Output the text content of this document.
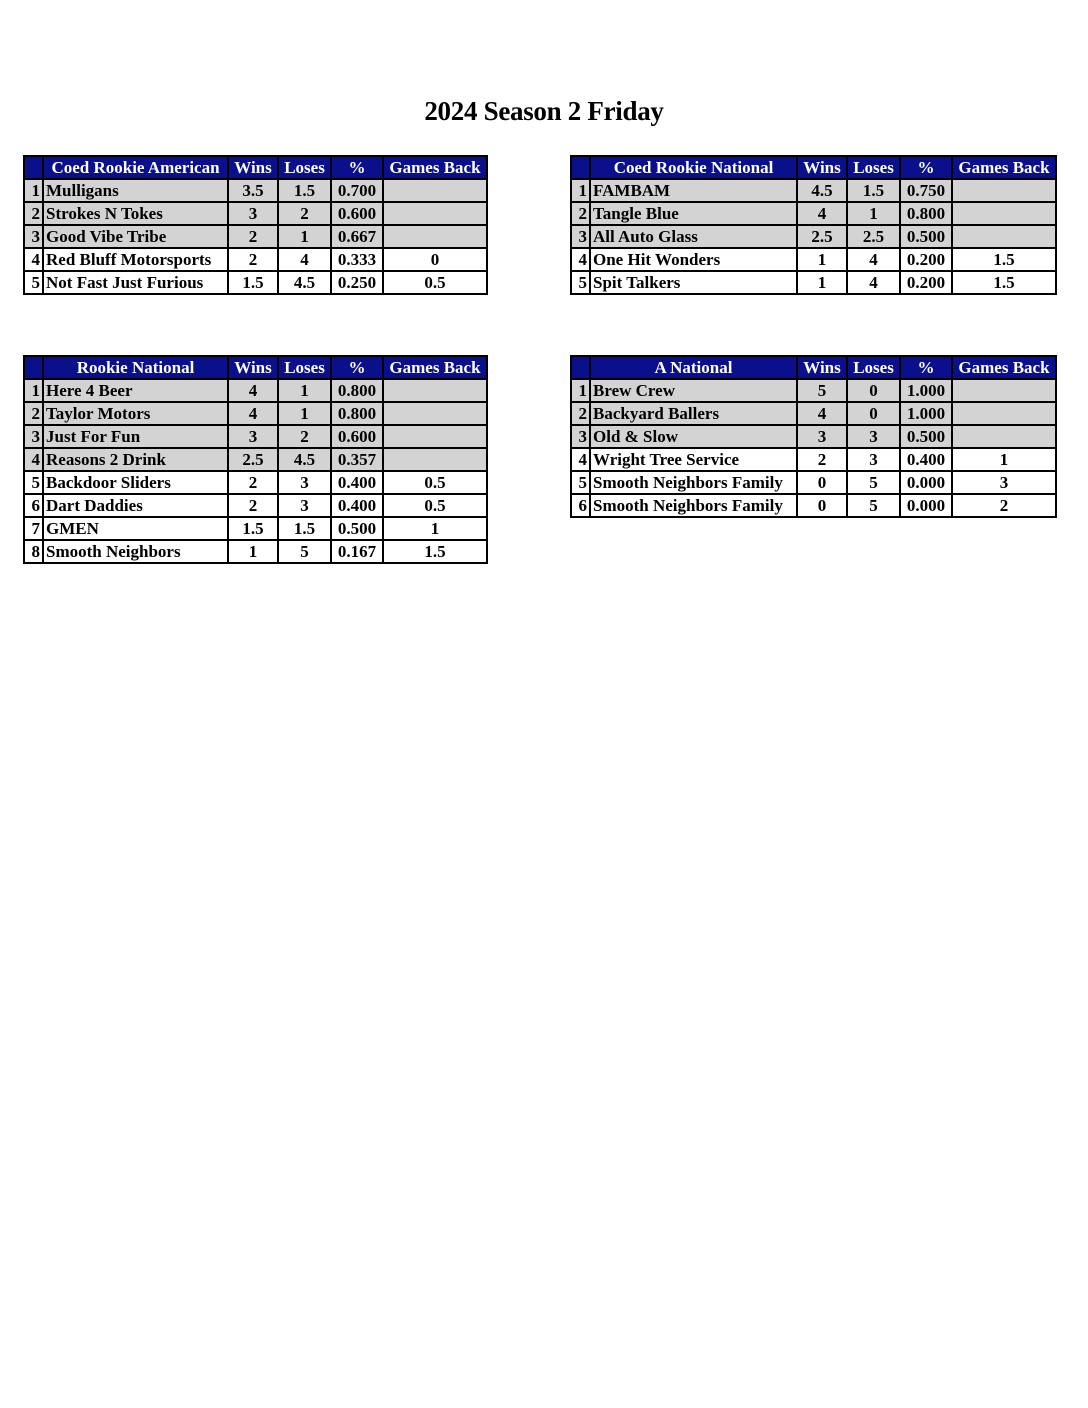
2024 Season 2 Friday
	Coed Rookie American	Wins	Loses	%	Games Back
1	Mulligans	3.5	1.5	0.700	
2	Strokes N Tokes	3	2	0.600	
3	Good Vibe Tribe	2	1	0.667	
4	Red Bluff Motorsports	2	4	0.333	0
5	Not Fast Just Furious	1.5	4.5	0.250	0.5
	Coed Rookie National	Wins	Loses	%	Games Back
1	FAMBAM	4.5	1.5	0.750	
2	Tangle Blue	4	1	0.800	
3	All Auto Glass	2.5	2.5	0.500	
4	One Hit Wonders	1	4	0.200	1.5
5	Spit Talkers	1	4	0.200	1.5
	Rookie National	Wins	Loses	%	Games Back
1	Here 4 Beer	4	1	0.800	
2	Taylor Motors	4	1	0.800	
3	Just For Fun	3	2	0.600	
4	Reasons 2 Drink	2.5	4.5	0.357	
5	Backdoor Sliders	2	3	0.400	0.5
6	Dart Daddies	2	3	0.400	0.5
7	GMEN	1.5	1.5	0.500	1
8	Smooth Neighbors	1	5	0.167	1.5
	A National	Wins	Loses	%	Games Back
1	Brew Crew	5	0	1.000	
2	Backyard Ballers	4	0	1.000	
3	Old & Slow	3	3	0.500	
4	Wright Tree Service	2	3	0.400	1
5	Smooth Neighbors Family	0	5	0.000	3
6	Smooth Neighbors Family	0	5	0.000	2
